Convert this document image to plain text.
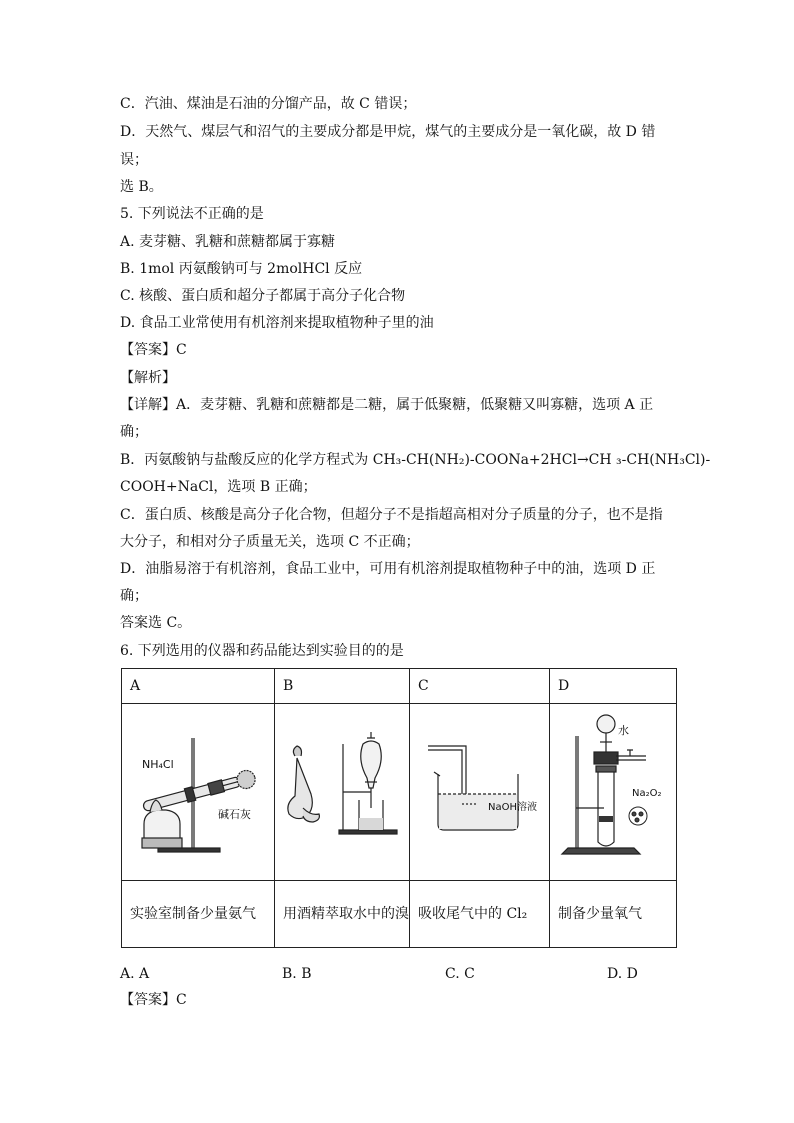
C．汽油、煤油是石油的分馏产品，故 C 错误；
D．天然气、煤层气和沼气的主要成分都是甲烷，煤气的主要成分是一氧化碳，故 D 错
误；
选 B。
5. 下列说法不正确的是
A. 麦芽糖、乳糖和蔗糖都属于寡糖
B. 1mol 丙氨酸钠可与 2molHCl 反应
C. 核酸、蛋白质和超分子都属于高分子化合物
D. 食品工业常使用有机溶剂来提取植物种子里的油
【答案】C
【解析】
【详解】A．麦芽糖、乳糖和蔗糖都是二糖，属于低聚糖，低聚糖又叫寡糖，选项 A 正
确；
B．丙氨酸钠与盐酸反应的化学方程式为 CH₃-CH(NH₂)-COONa+2HCl→CH ₃-CH(NH₃Cl)-
COOH+NaCl，选项 B 正确；
C．蛋白质、核酸是高分子化合物，但超分子不是指超高相对分子质量的分子，也不是指
大分子，和相对分子质量无关，选项 C 不正确；
D．油脂易溶于有机溶剂，食品工业中，可用有机溶剂提取植物种子中的油，选项 D 正
确；
答案选 C。
6. 下列选用的仪器和药品能达到实验目的的是
A	B	C	D

NH₄Cl
碱石灰		NaOH溶液	水
Na₂O₂

实验室制备少量氨气	用酒精萃取水中的溴	吸收尾气中的 Cl₂	制备少量氧气
A. A	B. B	C. C	D. D
【答案】C
